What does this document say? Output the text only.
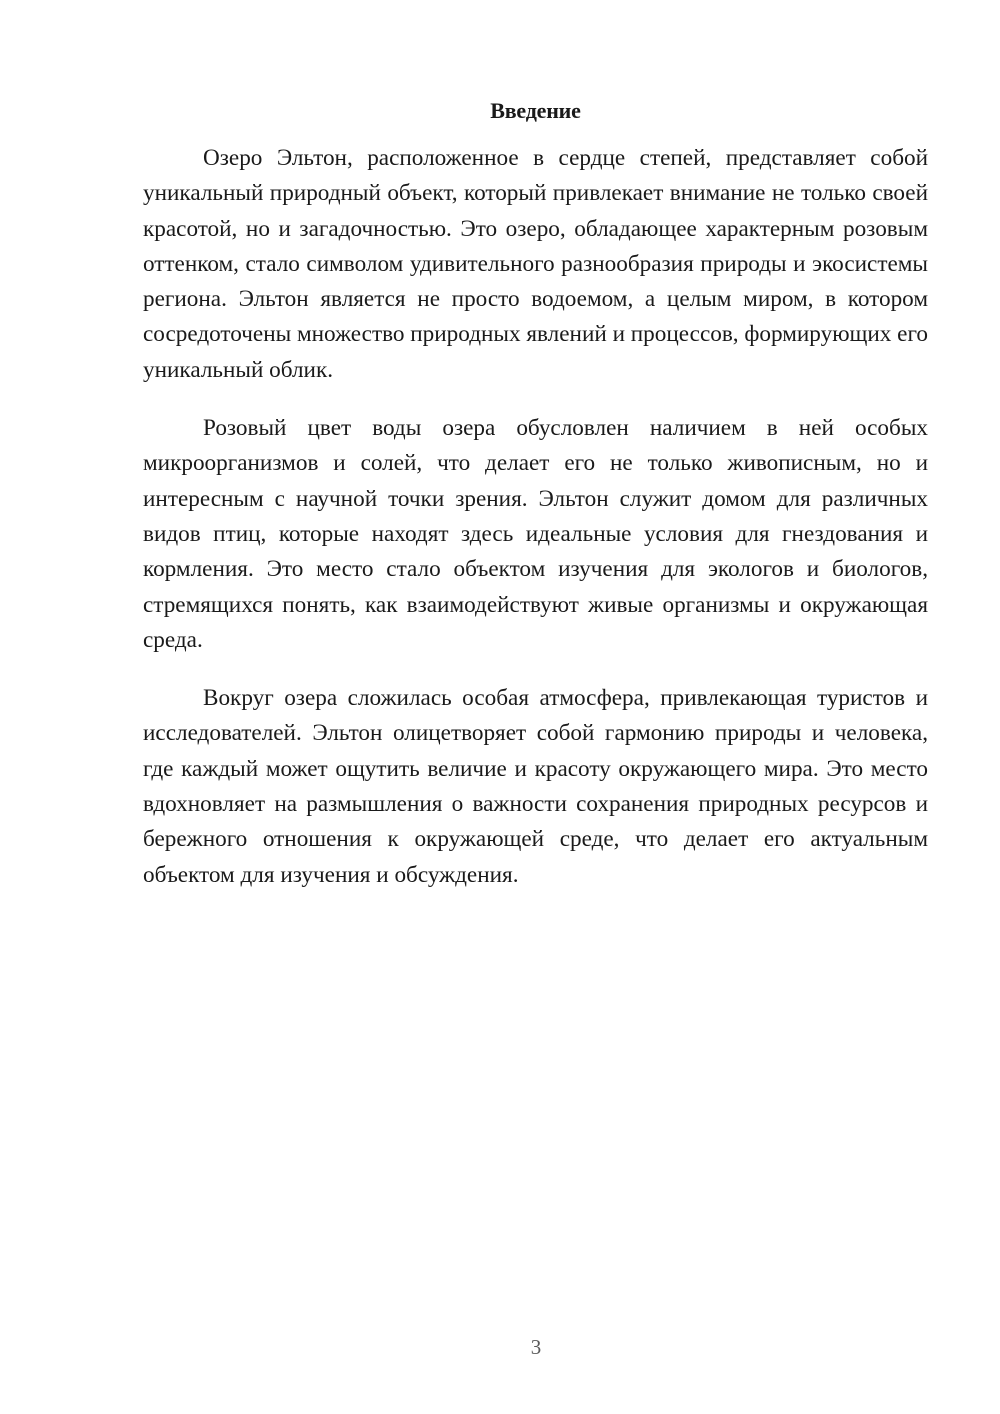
Введение

Озеро Эльтон, расположенное в сердце степей, представляет собой уникальный природный объект, который привлекает внимание не только своей красотой, но и загадочностью. Это озеро, обладающее характерным розовым оттенком, стало символом удивительного разнообразия природы и экосистемы региона. Эльтон является не просто водоемом, а целым миром, в котором сосредоточены множество природных явлений и процессов, формирующих его уникальный облик.

Розовый цвет воды озера обусловлен наличием в ней особых микроорганизмов и солей, что делает его не только живописным, но и интересным с научной точки зрения. Эльтон служит домом для различных видов птиц, которые находят здесь идеальные условия для гнездования и кормления. Это место стало объектом изучения для экологов и биологов, стремящихся понять, как взаимодействуют живые организмы и окружающая среда.

Вокруг озера сложилась особая атмосфера, привлекающая туристов и исследователей. Эльтон олицетворяет собой гармонию природы и человека, где каждый может ощутить величие и красоту окружающего мира. Это место вдохновляет на размышления о важности сохранения природных ресурсов и бережного отношения к окружающей среде, что делает его актуальным объектом для изучения и обсуждения.

3
